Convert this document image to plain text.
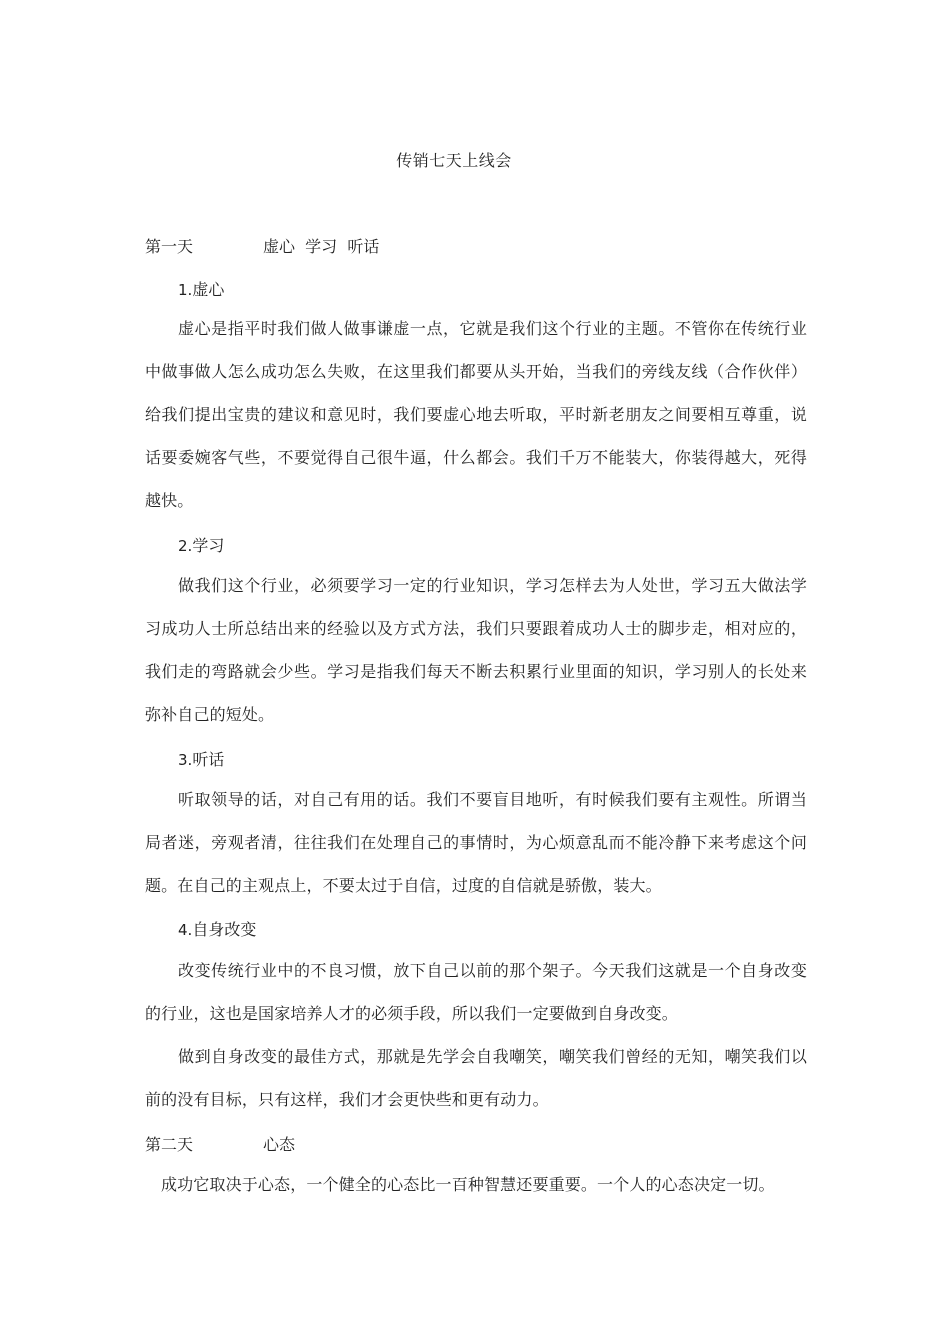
传销七天上线会
第一天	虚心  学习  听话
1.虚心
虚心是指平时我们做人做事谦虚一点，它就是我们这个行业的主题。不管你在传统行业中做事做人怎么成功怎么失败，在这里我们都要从头开始，当我们的旁线友线（合作伙伴）给我们提出宝贵的建议和意见时，我们要虚心地去听取，平时新老朋友之间要相互尊重，说话要委婉客气些，不要觉得自己很牛逼，什么都会。我们千万不能装大，你装得越大，死得越快。
2.学习
做我们这个行业，必须要学习一定的行业知识，学习怎样去为人处世，学习五大做法学习成功人士所总结出来的经验以及方式方法，我们只要跟着成功人士的脚步走，相对应的，我们走的弯路就会少些。学习是指我们每天不断去积累行业里面的知识，学习别人的长处来弥补自己的短处。
3.听话
听取领导的话，对自己有用的话。我们不要盲目地听，有时候我们要有主观性。所谓当局者迷，旁观者清，往往我们在处理自己的事情时，为心烦意乱而不能冷静下来考虑这个问题。在自己的主观点上，不要太过于自信，过度的自信就是骄傲，装大。
4.自身改变
改变传统行业中的不良习惯，放下自己以前的那个架子。今天我们这就是一个自身改变的行业，这也是国家培养人才的必须手段，所以我们一定要做到自身改变。
做到自身改变的最佳方式，那就是先学会自我嘲笑，嘲笑我们曾经的无知，嘲笑我们以前的没有目标，只有这样，我们才会更快些和更有动力。
第二天	心态
成功它取决于心态，一个健全的心态比一百种智慧还要重要。一个人的心态决定一切。
